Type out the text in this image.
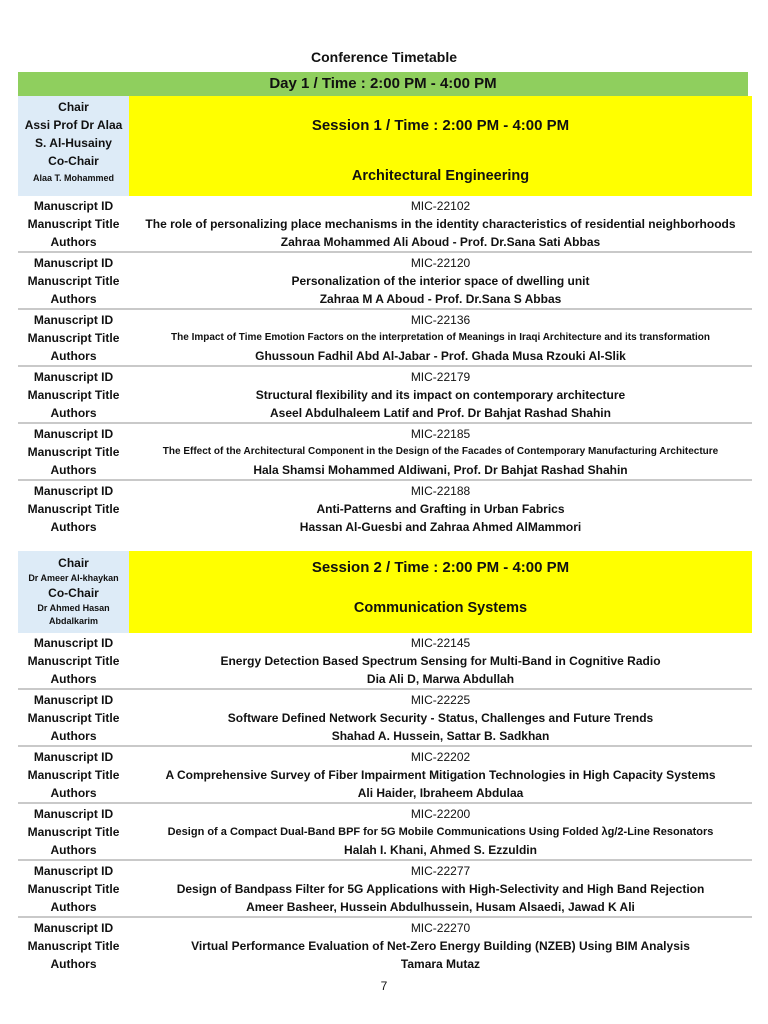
Conference Timetable
Day 1 / Time : 2:00 PM - 4:00 PM
Chair
Assi Prof Dr Alaa
S. Al-Husainy
Co-Chair
Alaa T. Mohammed
Session 1 / Time : 2:00 PM - 4:00 PM
Architectural Engineering
Manuscript ID
Manuscript Title
Authors
MIC-22102
The role of personalizing place mechanisms in the identity characteristics of residential neighborhoods
Zahraa Mohammed Ali Aboud - Prof. Dr.Sana Sati Abbas
Manuscript ID
Manuscript Title
Authors
MIC-22120
Personalization of the interior space of dwelling unit
Zahraa M A Aboud - Prof. Dr.Sana S Abbas
Manuscript ID
Manuscript Title
Authors
MIC-22136
The Impact of Time Emotion Factors on the interpretation of Meanings in Iraqi Architecture and its transformation
Ghussoun Fadhil Abd Al-Jabar - Prof. Ghada Musa Rzouki Al-Slik
Manuscript ID
Manuscript Title
Authors
MIC-22179
Structural flexibility and its impact on contemporary architecture
Aseel Abdulhaleem Latif and Prof. Dr Bahjat Rashad Shahin
Manuscript ID
Manuscript Title
Authors
MIC-22185
The Effect of the Architectural Component in the Design of the Facades of Contemporary Manufacturing Architecture
Hala Shamsi Mohammed Aldiwani, Prof. Dr Bahjat Rashad Shahin
Manuscript ID
Manuscript Title
Authors
MIC-22188
Anti-Patterns and Grafting in Urban Fabrics
Hassan Al-Guesbi and Zahraa Ahmed AlMammori
Chair
Dr Ameer Al-khaykan
Co-Chair
Dr Ahmed Hasan
Abdalkarim
Session 2 / Time : 2:00 PM - 4:00 PM
Communication Systems
Manuscript ID
Manuscript Title
Authors
MIC-22145
Energy Detection Based Spectrum Sensing for Multi-Band in Cognitive Radio
Dia Ali D, Marwa Abdullah
Manuscript ID
Manuscript Title
Authors
MIC-22225
Software Defined Network Security - Status, Challenges and Future Trends
Shahad A. Hussein, Sattar B. Sadkhan
Manuscript ID
Manuscript Title
Authors
MIC-22202
A Comprehensive Survey of Fiber Impairment Mitigation Technologies in High Capacity Systems
Ali Haider, Ibraheem Abdulaa
Manuscript ID
Manuscript Title
Authors
MIC-22200
Design of a Compact Dual-Band BPF for 5G Mobile Communications Using Folded λg/2-Line Resonators
Halah I. Khani, Ahmed S. Ezzuldin
Manuscript ID
Manuscript Title
Authors
MIC-22277
Design of Bandpass Filter for 5G Applications with High-Selectivity and High Band Rejection
Ameer Basheer, Hussein Abdulhussein, Husam Alsaedi, Jawad K Ali
Manuscript ID
Manuscript Title
Authors
MIC-22270
Virtual Performance Evaluation of Net-Zero Energy Building (NZEB) Using BIM Analysis
Tamara Mutaz
7
